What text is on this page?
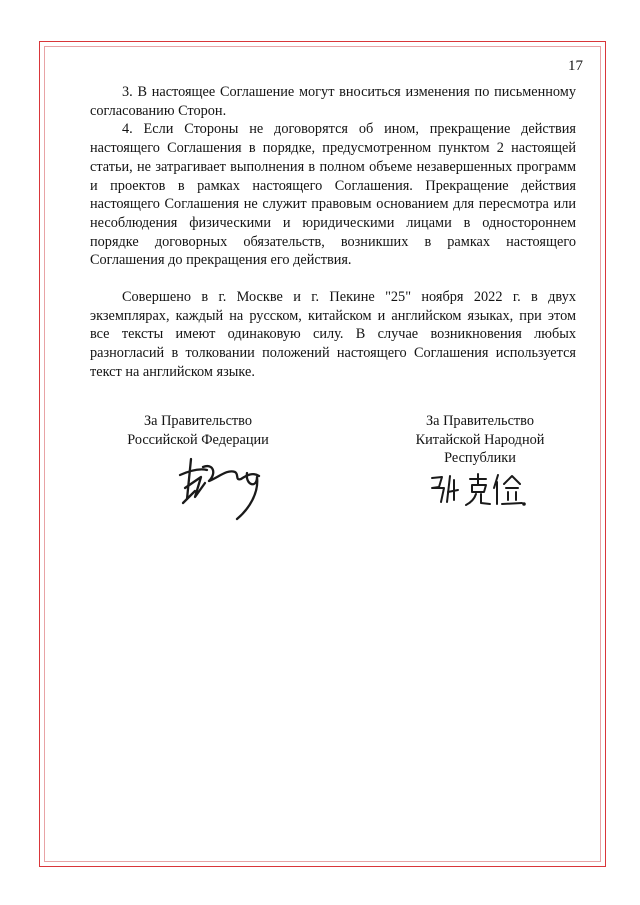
17

3. В настоящее Соглашение могут вноситься изменения по письменному согласованию Сторон.

4. Если Стороны не договорятся об ином, прекращение действия настоящего Соглашения в порядке, предусмотренном пунктом 2 настоящей статьи, не затрагивает выполнения в полном объеме незавершенных программ и проектов в рамках настоящего Соглашения. Прекращение действия настоящего Соглашения не служит правовым основанием для пересмотра или несоблюдения физическими и юридическими лицами в одностороннем порядке договорных обязательств, возникших в рамках настоящего Соглашения до прекращения его действия.

Совершено в г. Москве и г. Пекине "25" ноября 2022 г. в двух экземплярах, каждый на русском, китайском и английском языках, при этом все тексты имеют одинаковую силу. В случае возникновения любых разногласий в толковании положений настоящего Соглашения используется текст на английском языке.

За Правительство
Российской Федерации
За Правительство
Китайской Народной
Республики
